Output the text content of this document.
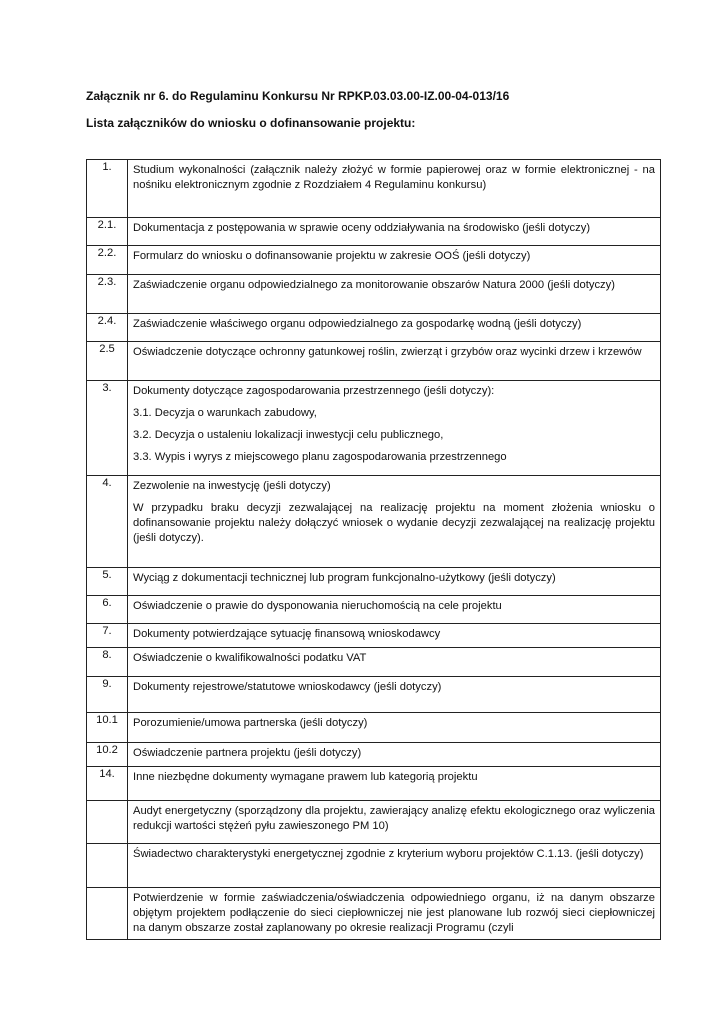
Załącznik nr 6. do Regulaminu Konkursu Nr RPKP.03.03.00-IZ.00-04-013/16
Lista załączników do wniosku o dofinansowanie projektu:
1.	Studium wykonalności (załącznik należy złożyć w formie papierowej oraz w formie elektronicznej - na nośniku elektronicznym zgodnie z Rozdziałem 4 Regulaminu konkursu)

2.1.	Dokumentacja z postępowania w sprawie oceny oddziaływania na środowisko (jeśli dotyczy)

2.2.	Formularz do wniosku o dofinansowanie projektu w zakresie OOŚ (jeśli dotyczy)

2.3.	Zaświadczenie organu odpowiedzialnego za monitorowanie obszarów Natura 2000 (jeśli dotyczy)

2.4.	Zaświadczenie właściwego organu odpowiedzialnego za gospodarkę wodną (jeśli dotyczy)

2.5	Oświadczenie dotyczące ochronny gatunkowej roślin, zwierząt i grzybów oraz wycinki drzew i krzewów

3.	Dokumenty dotyczące zagospodarowania przestrzennego (jeśli dotyczy):

3.1. Decyzja o warunkach zabudowy,

3.2. Decyzja o ustaleniu lokalizacji inwestycji celu publicznego,

3.3. Wypis i wyrys z miejscowego planu zagospodarowania przestrzennego

4.	Zezwolenie na inwestycję (jeśli dotyczy)

W przypadku braku decyzji zezwalającej na realizację projektu na moment złożenia wniosku o dofinansowanie projektu należy dołączyć wniosek o wydanie decyzji zezwalającej na realizację projektu (jeśli dotyczy).

5.	Wyciąg z dokumentacji technicznej lub program funkcjonalno-użytkowy (jeśli dotyczy)

6.	Oświadczenie o prawie do dysponowania nieruchomością na cele projektu

7.	Dokumenty potwierdzające sytuację finansową wnioskodawcy

8.	Oświadczenie o kwalifikowalności podatku VAT

9.	Dokumenty rejestrowe/statutowe wnioskodawcy (jeśli dotyczy)

10.1	Porozumienie/umowa partnerska (jeśli dotyczy)

10.2	Oświadczenie partnera projektu (jeśli dotyczy)

14.	Inne niezbędne dokumenty wymagane prawem lub kategorią projektu

	Audyt energetyczny (sporządzony dla projektu, zawierający analizę efektu ekologicznego oraz wyliczenia redukcji wartości stężeń pyłu zawieszonego PM 10)

	Świadectwo charakterystyki energetycznej zgodnie z kryterium wyboru projektów C.1.13. (jeśli dotyczy)

	Potwierdzenie w formie zaświadczenia/oświadczenia odpowiedniego organu, iż na danym obszarze objętym projektem podłączenie do sieci ciepłowniczej nie jest planowane lub rozwój sieci ciepłowniczej na danym obszarze został zaplanowany po okresie realizacji Programu (czyli
